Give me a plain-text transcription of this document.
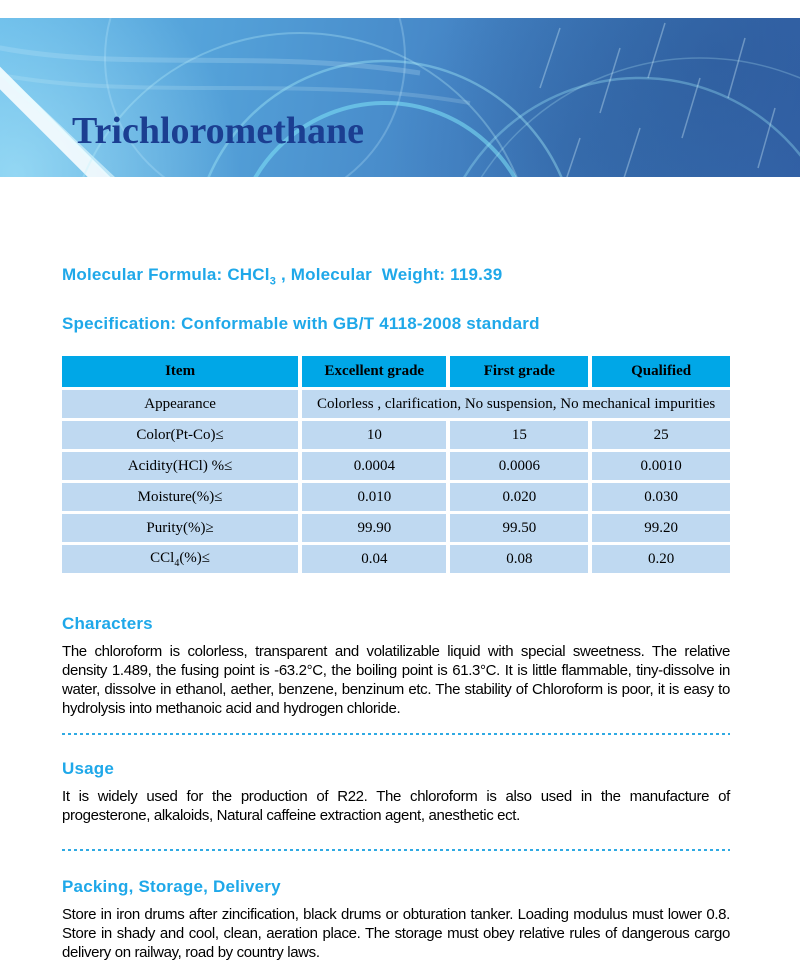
Trichloromethane

Molecular Formula: CHCl$_3$ , Molecular  Weight: 119.39

Specification: Conformable with GB/T 4118-2008 standard

Item	Excellent grade	First grade	Qualified
Appearance	Colorless , clarification, No suspension, No mechanical impurities		
Color(Pt-Co)≤	10	15	25
Acidity(HCl) %≤	0.0004	0.0006	0.0010
Moisture(%)≤	0.010	0.020	0.030
Purity(%)≥	99.90	99.50	99.20
CCl$_4$(%)≤	0.04	0.08	0.20
Characters

The chloroform is colorless, transparent and volatilizable liquid with special sweetness. The relative density 1.489, the fusing point is -63.2°C, the boiling point is 61.3°C. It is little flammable, tiny-dissolve in water, dissolve in ethanol, aether, benzene, benzinum etc. The stability of Chloroform is poor, it is easy to hydrolysis into methanoic acid and hydrogen chloride.

Usage

It is widely used for the production of R22. The chloroform is also used in the manufacture of progesterone, alkaloids, Natural caffeine extraction agent, anesthetic ect.

Packing, Storage, Delivery

Store in iron drums after zincification, black drums or obturation tanker. Loading modulus must lower 0.8. Store in shady and cool, clean, aeration place. The storage must obey relative rules of dangerous cargo delivery on railway, road by country laws.
